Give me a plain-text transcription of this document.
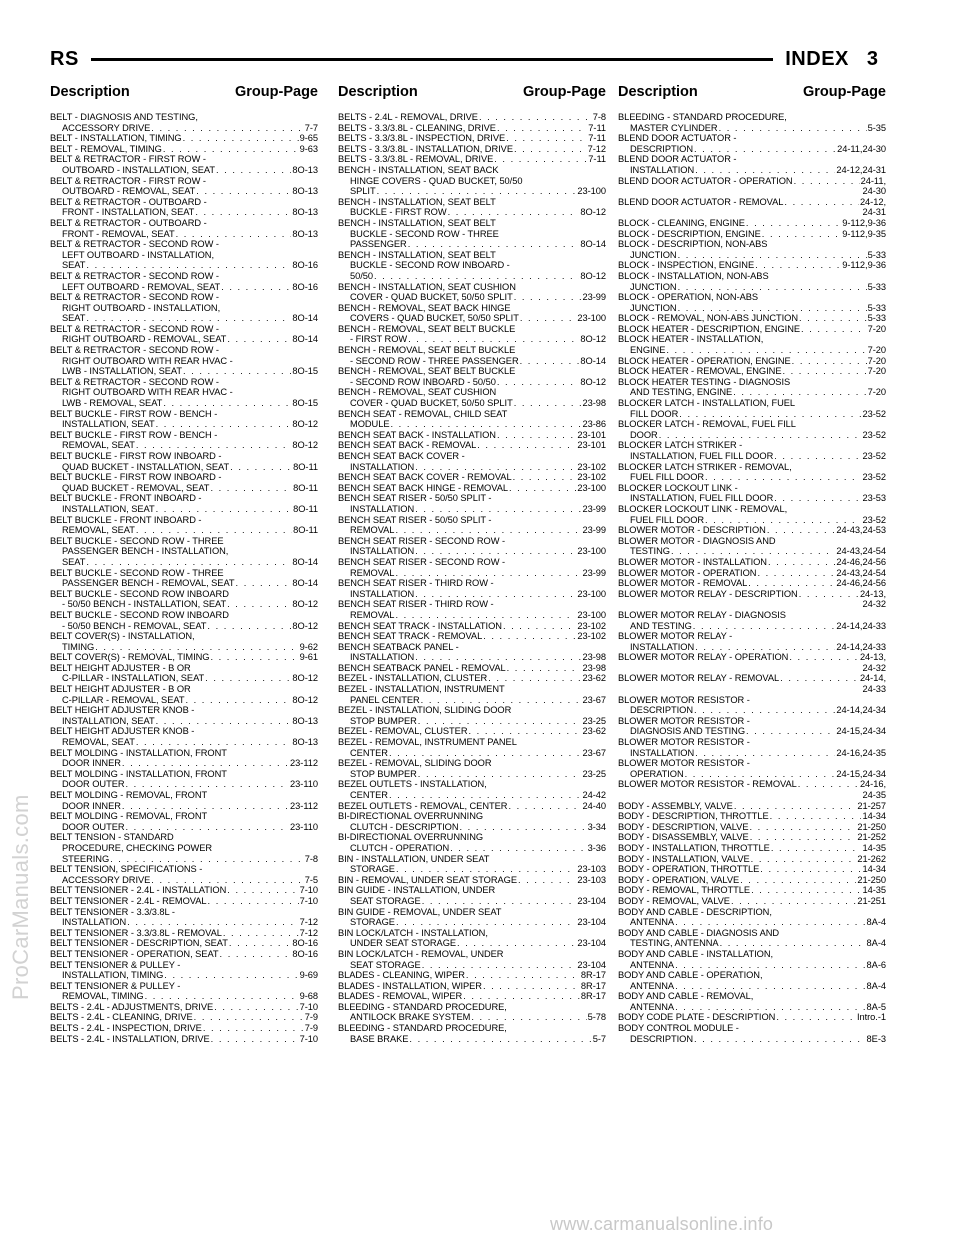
RS	INDEX 3
Description	Group-Page Description	Group-Page Description	Group-Page
BELT - DIAGNOSIS AND TESTING,
ACCESSORY DRIVE . . .	7-7
BELT - INSTALLATION, TIMING . . .	9-65
BELT - REMOVAL, TIMING . . .	9-63
BELT & RETRACTOR - FIRST ROW -
OUTBOARD - INSTALLATION, SEAT . . .	8O-13
BELT & RETRACTOR - FIRST ROW -
OUTBOARD - REMOVAL, SEAT . . .	8O-13
BELT & RETRACTOR - OUTBOARD -
FRONT - INSTALLATION, SEAT . . .	8O-13
BELT & RETRACTOR - OUTBOARD -
FRONT - REMOVAL, SEAT . . .	8O-13
BELT & RETRACTOR - SECOND ROW -
LEFT OUTBOARD - INSTALLATION,
SEAT . . .	8O-16
BELT & RETRACTOR - SECOND ROW -
LEFT OUTBOARD - REMOVAL, SEAT . . .	8O-16
BELT & RETRACTOR - SECOND ROW -
RIGHT OUTBOARD - INSTALLATION,
SEAT . . .	8O-14
BELT & RETRACTOR - SECOND ROW -
RIGHT OUTBOARD - REMOVAL, SEAT . . .	8O-14
BELT & RETRACTOR - SECOND ROW -
RIGHT OUTBOARD WITH REAR HVAC -
LWB - INSTALLATION, SEAT . . .	8O-15
BELT & RETRACTOR - SECOND ROW -
RIGHT OUTBOARD WITH REAR HVAC -
LWB - REMOVAL, SEAT . . .	8O-15
BELT BUCKLE - FIRST ROW - BENCH -
INSTALLATION, SEAT . . .	8O-12
BELT BUCKLE - FIRST ROW - BENCH -
REMOVAL, SEAT . . .	8O-12
BELT BUCKLE - FIRST ROW INBOARD -
QUAD BUCKET - INSTALLATION, SEAT . . .	8O-11
BELT BUCKLE - FIRST ROW INBOARD -
QUAD BUCKET - REMOVAL, SEAT . . .	8O-11
BELT BUCKLE - FRONT INBOARD -
INSTALLATION, SEAT . . .	8O-11
BELT BUCKLE - FRONT INBOARD -
REMOVAL, SEAT . . .	8O-11
BELT BUCKLE - SECOND ROW - THREE
PASSENGER BENCH - INSTALLATION,
SEAT . . .	8O-14
BELT BUCKLE - SECOND ROW - THREE
PASSENGER BENCH - REMOVAL, SEAT . . .	8O-14
BELT BUCKLE - SECOND ROW INBOARD
- 50/50 BENCH - INSTALLATION, SEAT . . .	8O-12
BELT BUCKLE - SECOND ROW INBOARD
- 50/50 BENCH - REMOVAL, SEAT . . .	8O-12
BELT COVER(S) - INSTALLATION,
TIMING . . .	9-62
BELT COVER(S) - REMOVAL, TIMING . . .	9-61
BELT HEIGHT ADJUSTER - B OR
C-PILLAR - INSTALLATION, SEAT . . .	8O-12
BELT HEIGHT ADJUSTER - B OR
C-PILLAR - REMOVAL, SEAT . . .	8O-12
BELT HEIGHT ADJUSTER KNOB -
INSTALLATION, SEAT . . .	8O-13
BELT HEIGHT ADJUSTER KNOB -
REMOVAL, SEAT . . .	8O-13
BELT MOLDING - INSTALLATION, FRONT
DOOR INNER . . .	23-112
BELT MOLDING - INSTALLATION, FRONT
DOOR OUTER . . .	23-110
BELT MOLDING - REMOVAL, FRONT
DOOR INNER . . .	23-112
BELT MOLDING - REMOVAL, FRONT
DOOR OUTER . . .	23-110
BELT TENSION - STANDARD
PROCEDURE, CHECKING POWER
STEERING . . .	7-8
BELT TENSION, SPECIFICATIONS -
ACCESSORY DRIVE . . .	7-5
BELT TENSIONER - 2.4L - INSTALLATION . . .	7-10
BELT TENSIONER - 2.4L - REMOVAL . . .	7-10
BELT TENSIONER - 3.3/3.8L -
INSTALLATION . . .	7-12
BELT TENSIONER - 3.3/3.8L - REMOVAL . . .	7-12
BELT TENSIONER - DESCRIPTION, SEAT . . .	8O-16
BELT TENSIONER - OPERATION, SEAT . . .	8O-16
BELT TENSIONER & PULLEY -
INSTALLATION, TIMING . . .	9-69
BELT TENSIONER & PULLEY -
REMOVAL, TIMING . . .	9-68
BELTS - 2.4L - ADJUSTMENTS, DRIVE . . .	7-10
BELTS - 2.4L - CLEANING, DRIVE . . .	7-9
BELTS - 2.4L - INSPECTION, DRIVE . . .	7-9
BELTS - 2.4L - INSTALLATION, DRIVE . . .	7-10
BELTS - 2.4L - REMOVAL, DRIVE . . .	7-8
BELTS - 3.3/3.8L - CLEANING, DRIVE . . .	7-11
BELTS - 3.3/3.8L - INSPECTION, DRIVE . . .	7-11
BELTS - 3.3/3.8L - INSTALLATION, DRIVE . . .	7-12
BELTS - 3.3/3.8L - REMOVAL, DRIVE . . .	7-11
BENCH - INSTALLATION, SEAT BACK
HINGE COVERS - QUAD BUCKET, 50/50
SPLIT . . .	23-100
BENCH - INSTALLATION, SEAT BELT
BUCKLE - FIRST ROW . . .	8O-12
BENCH - INSTALLATION, SEAT BELT
BUCKLE - SECOND ROW - THREE
PASSENGER . . .	8O-14
BENCH - INSTALLATION, SEAT BELT
BUCKLE - SECOND ROW INBOARD -
50/50 . . .	8O-12
BENCH - INSTALLATION, SEAT CUSHION
COVER - QUAD BUCKET, 50/50 SPLIT . . .	23-99
BENCH - REMOVAL, SEAT BACK HINGE
COVERS - QUAD BUCKET, 50/50 SPLIT . . .	23-100
BENCH - REMOVAL, SEAT BELT BUCKLE
- FIRST ROW . . .	8O-12
BENCH - REMOVAL, SEAT BELT BUCKLE
- SECOND ROW - THREE PASSENGER . . .	8O-14
BENCH - REMOVAL, SEAT BELT BUCKLE
- SECOND ROW INBOARD - 50/50 . . .	8O-12
BENCH - REMOVAL, SEAT CUSHION
COVER - QUAD BUCKET, 50/50 SPLIT . . .	23-98
BENCH SEAT - REMOVAL, CHILD SEAT
MODULE . . .	23-86
BENCH SEAT BACK - INSTALLATION . . .	23-101
BENCH SEAT BACK - REMOVAL . . .	23-101
BENCH SEAT BACK COVER -
INSTALLATION . . .	23-102
BENCH SEAT BACK COVER - REMOVAL . . .	23-102
BENCH SEAT BACK HINGE - REMOVAL . . .	23-100
BENCH SEAT RISER - 50/50 SPLIT -
INSTALLATION . . .	23-99
BENCH SEAT RISER - 50/50 SPLIT -
REMOVAL . . .	23-99
BENCH SEAT RISER - SECOND ROW -
INSTALLATION . . .	23-100
BENCH SEAT RISER - SECOND ROW -
REMOVAL . . .	23-99
BENCH SEAT RISER - THIRD ROW -
INSTALLATION . . .	23-100
BENCH SEAT RISER - THIRD ROW -
REMOVAL . . .	23-100
BENCH SEAT TRACK - INSTALLATION . . .	23-102
BENCH SEAT TRACK - REMOVAL . . .	23-102
BENCH SEATBACK PANEL -
INSTALLATION . . .	23-98
BENCH SEATBACK PANEL - REMOVAL . . .	23-98
BEZEL - INSTALLATION, CLUSTER . . .	23-62
BEZEL - INSTALLATION, INSTRUMENT
PANEL CENTER . . .	23-67
BEZEL - INSTALLATION, SLIDING DOOR
STOP BUMPER . . .	23-25
BEZEL - REMOVAL, CLUSTER . . .	23-62
BEZEL - REMOVAL, INSTRUMENT PANEL
CENTER . . .	23-67
BEZEL - REMOVAL, SLIDING DOOR
STOP BUMPER . . .	23-25
BEZEL OUTLETS - INSTALLATION,
CENTER . . .	24-42
BEZEL OUTLETS - REMOVAL, CENTER . . .	24-40
BI-DIRECTIONAL OVERRUNNING
CLUTCH - DESCRIPTION . . .	3-34
BI-DIRECTIONAL OVERRUNNING
CLUTCH - OPERATION . . .	3-36
BIN - INSTALLATION, UNDER SEAT
STORAGE . . .	23-103
BIN - REMOVAL, UNDER SEAT STORAGE . . .	23-103
BIN GUIDE - INSTALLATION, UNDER
SEAT STORAGE . . .	23-104
BIN GUIDE - REMOVAL, UNDER SEAT
STORAGE . . .	23-104
BIN LOCK/LATCH - INSTALLATION,
UNDER SEAT STORAGE . . .	23-104
BIN LOCK/LATCH - REMOVAL, UNDER
SEAT STORAGE . . .	23-104
BLADES - CLEANING, WIPER . . .	8R-17
BLADES - INSTALLATION, WIPER . . .	8R-17
BLADES - REMOVAL, WIPER . . .	8R-17
BLEEDING - STANDARD PROCEDURE,
ANTILOCK BRAKE SYSTEM . . .	5-78
BLEEDING - STANDARD PROCEDURE,
BASE BRAKE . . .	5-7
BLEEDING - STANDARD PROCEDURE,
MASTER CYLINDER . . .	5-35
BLEND DOOR ACTUATOR -
DESCRIPTION . . .	24-11,24-30
BLEND DOOR ACTUATOR -
INSTALLATION . . .	24-12,24-31
BLEND DOOR ACTUATOR - OPERATION . . .	24-11,
24-30
BLEND DOOR ACTUATOR - REMOVAL . . .	24-12,
24-31
BLOCK - CLEANING, ENGINE . . .	9-112,9-36
BLOCK - DESCRIPTION, ENGINE . . .	9-112,9-35
BLOCK - DESCRIPTION, NON-ABS
JUNCTION . . .	5-33
BLOCK - INSPECTION, ENGINE . . .	9-112,9-36
BLOCK - INSTALLATION, NON-ABS
JUNCTION . . .	5-33
BLOCK - OPERATION, NON-ABS
JUNCTION . . .	5-33
BLOCK - REMOVAL, NON-ABS JUNCTION . . .	5-33
BLOCK HEATER - DESCRIPTION, ENGINE . . .	7-20
BLOCK HEATER - INSTALLATION,
ENGINE . . .	7-20
BLOCK HEATER - OPERATION, ENGINE . . .	7-20
BLOCK HEATER - REMOVAL, ENGINE . . .	7-20
BLOCK HEATER TESTING - DIAGNOSIS
AND TESTING, ENGINE . . .	7-20
BLOCKER LATCH - INSTALLATION, FUEL
FILL DOOR . . .	23-52
BLOCKER LATCH - REMOVAL, FUEL FILL
DOOR . . .	23-52
BLOCKER LATCH STRIKER -
INSTALLATION, FUEL FILL DOOR . . .	23-52
BLOCKER LATCH STRIKER - REMOVAL,
FUEL FILL DOOR . . .	23-52
BLOCKER LOCKOUT LINK -
INSTALLATION, FUEL FILL DOOR . . .	23-53
BLOCKER LOCKOUT LINK - REMOVAL,
FUEL FILL DOOR . . .	23-52
BLOWER MOTOR - DESCRIPTION . . .	24-43,24-53
BLOWER MOTOR - DIAGNOSIS AND
TESTING . . .	24-43,24-54
BLOWER MOTOR - INSTALLATION . . .	24-46,24-56
BLOWER MOTOR - OPERATION . . .	24-43,24-54
BLOWER MOTOR - REMOVAL . . .	24-46,24-56
BLOWER MOTOR RELAY - DESCRIPTION . . .	24-13,
24-32
BLOWER MOTOR RELAY - DIAGNOSIS
AND TESTING . . .	24-14,24-33
BLOWER MOTOR RELAY -
INSTALLATION . . .	24-14,24-33
BLOWER MOTOR RELAY - OPERATION . . .	24-13,
24-32
BLOWER MOTOR RELAY - REMOVAL . . .	24-14,
24-33
BLOWER MOTOR RESISTOR -
DESCRIPTION . . .	24-14,24-34
BLOWER MOTOR RESISTOR -
DIAGNOSIS AND TESTING . . .	24-15,24-34
BLOWER MOTOR RESISTOR -
INSTALLATION . . .	24-16,24-35
BLOWER MOTOR RESISTOR -
OPERATION . . .	24-15,24-34
BLOWER MOTOR RESISTOR - REMOVAL . . .	24-16,
24-35
BODY - ASSEMBLY, VALVE . . .	21-257
BODY - DESCRIPTION, THROTTLE . . .	14-34
BODY - DESCRIPTION, VALVE . . .	21-250
BODY - DISASSEMBLY, VALVE . . .	21-252
BODY - INSTALLATION, THROTTLE . . .	14-35
BODY - INSTALLATION, VALVE . . .	21-262
BODY - OPERATION, THROTTLE . . .	14-34
BODY - OPERATION, VALVE . . .	21-250
BODY - REMOVAL, THROTTLE . . .	14-35
BODY - REMOVAL, VALVE . . .	21-251
BODY AND CABLE - DESCRIPTION,
ANTENNA . . .	8A-4
BODY AND CABLE - DIAGNOSIS AND
TESTING, ANTENNA . . .	8A-4
BODY AND CABLE - INSTALLATION,
ANTENNA . . .	8A-6
BODY AND CABLE - OPERATION,
ANTENNA . . .	8A-4
BODY AND CABLE - REMOVAL,
ANTENNA . . .	8A-5
BODY CODE PLATE - DESCRIPTION . . .	Intro.-1
BODY CONTROL MODULE -
DESCRIPTION . . .	8E-3
ProCarManuals.com
www.carmanualsonline.info
